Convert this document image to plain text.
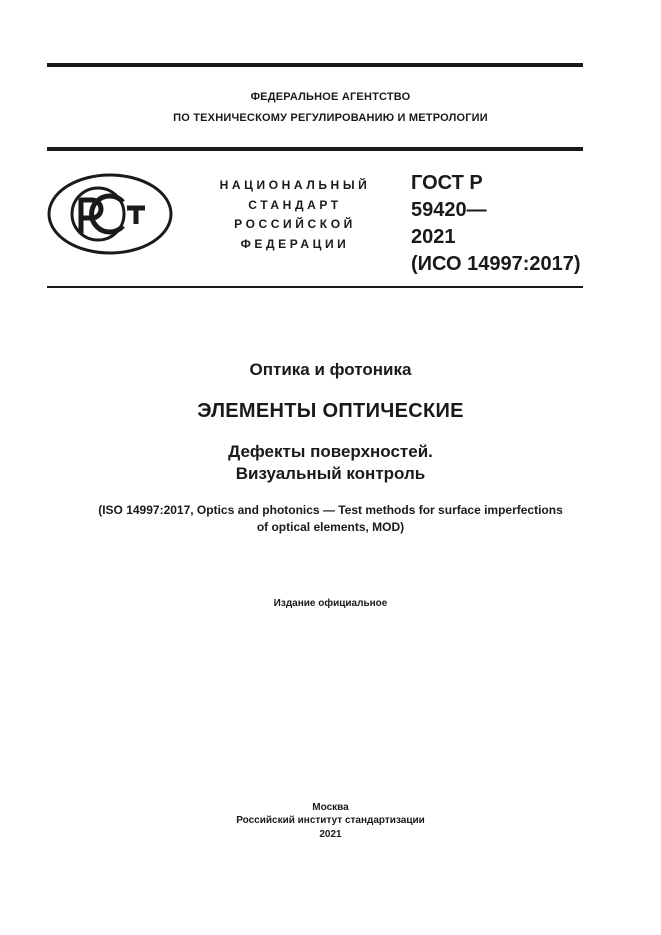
ФЕДЕРАЛЬНОЕ АГЕНТСТВО
ПО ТЕХНИЧЕСКОМУ РЕГУЛИРОВАНИЮ И МЕТРОЛОГИИ
НАЦИОНАЛЬНЫЙ
СТАНДАРТ
РОССИЙСКОЙ
ФЕДЕРАЦИИ
ГОСТ Р
59420—
2021
(ИСО 14997:2017)
Оптика и фотоника
ЭЛЕМЕНТЫ ОПТИЧЕСКИЕ
Дефекты поверхностей.
Визуальный контроль
(ISO 14997:2017, Optics and photonics — Test methods for surface imperfections
of optical elements, MOD)
Издание официальное
Москва
Российский институт стандартизации
2021
